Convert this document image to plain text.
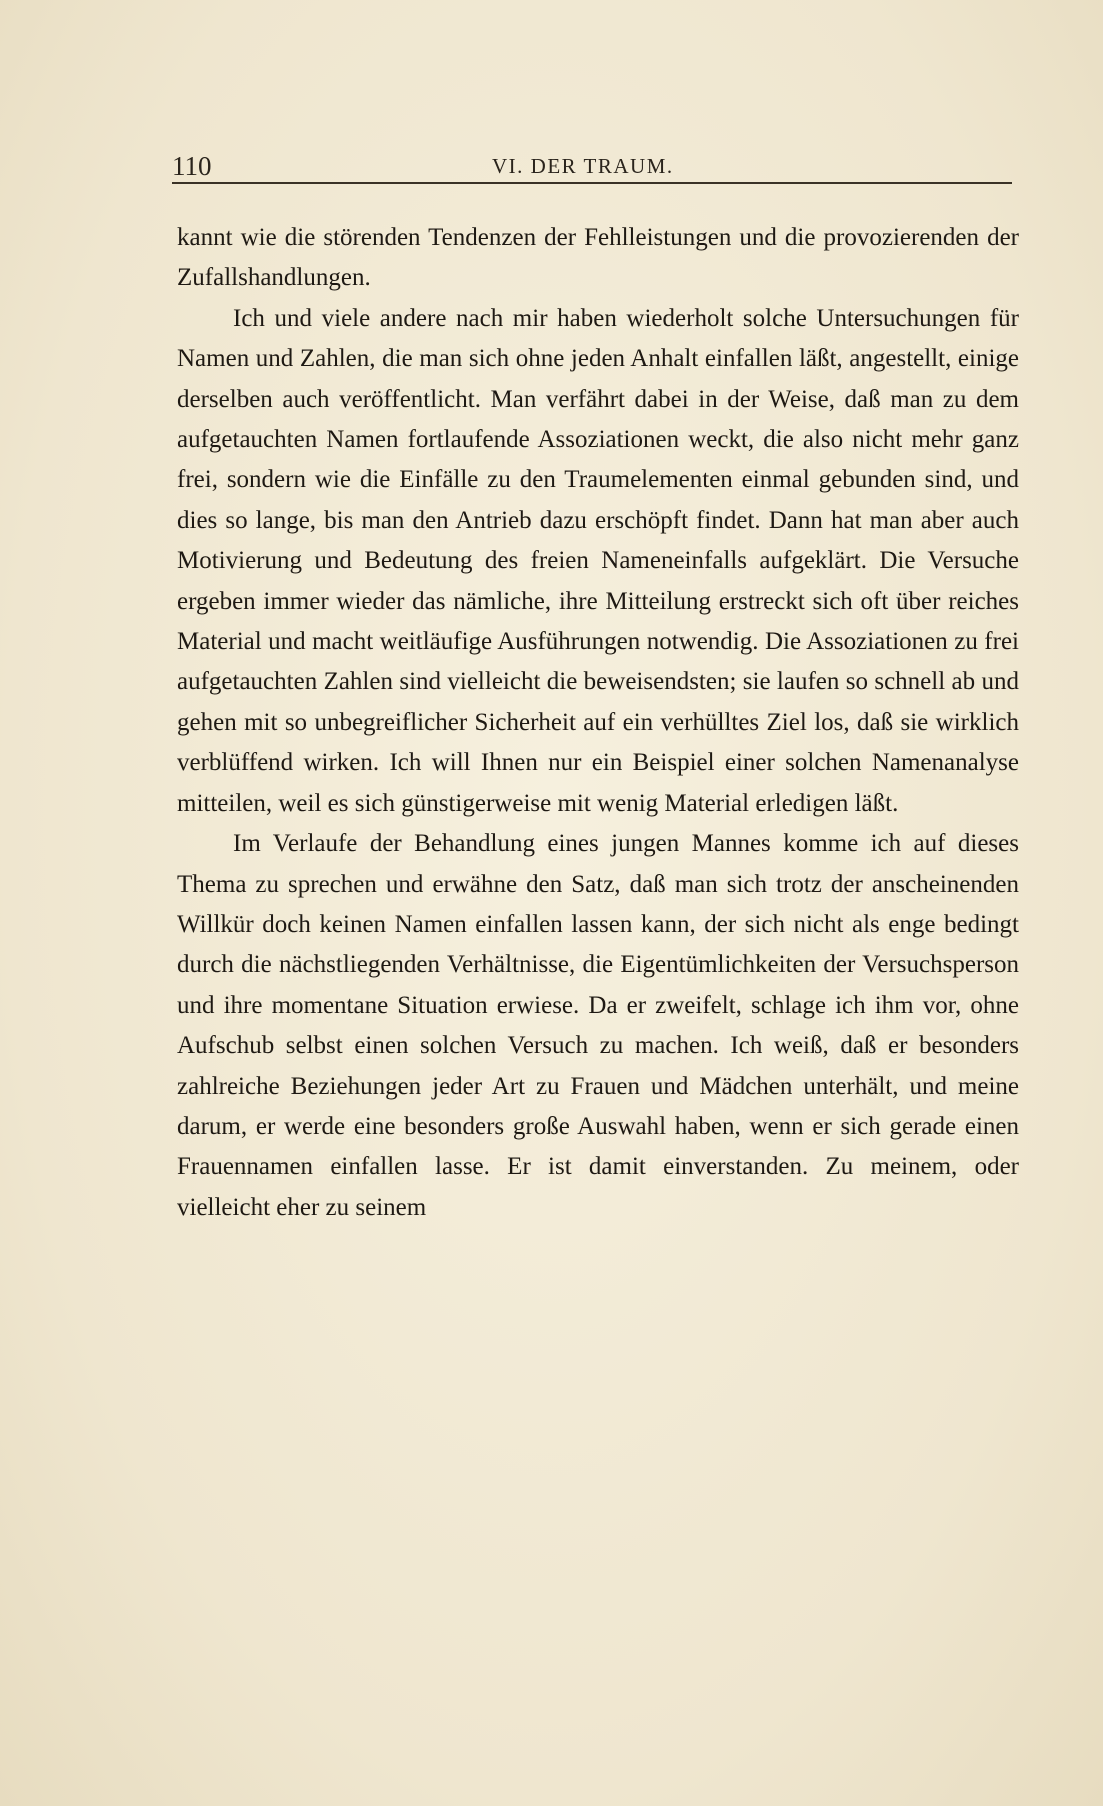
110	VI. DER TRAUM.

kannt wie die störenden Tendenzen der Fehlleistungen und die provozierenden der Zufallshandlungen.

Ich und viele andere nach mir haben wiederholt solche Untersuchungen für Namen und Zahlen, die man sich ohne jeden Anhalt einfallen läßt, angestellt, einige derselben auch veröffentlicht. Man verfährt dabei in der Weise, daß man zu dem aufgetauchten Namen fortlaufende Assoziationen weckt, die also nicht mehr ganz frei, sondern wie die Einfälle zu den Traumelementen einmal gebunden sind, und dies so lange, bis man den Antrieb dazu erschöpft findet. Dann hat man aber auch Motivierung und Bedeutung des freien Nameneinfalls aufgeklärt. Die Versuche ergeben immer wieder das nämliche, ihre Mitteilung erstreckt sich oft über reiches Material und macht weitläufige Ausführungen notwendig. Die Assoziationen zu frei aufgetauchten Zahlen sind vielleicht die beweisendsten; sie laufen so schnell ab und gehen mit so unbegreiflicher Sicherheit auf ein verhülltes Ziel los, daß sie wirklich verblüffend wirken. Ich will Ihnen nur ein Beispiel einer solchen Namenanalyse mitteilen, weil es sich günstigerweise mit wenig Material erledigen läßt.

Im Verlaufe der Behandlung eines jungen Mannes komme ich auf dieses Thema zu sprechen und erwähne den Satz, daß man sich trotz der anscheinenden Willkür doch keinen Namen einfallen lassen kann, der sich nicht als enge bedingt durch die nächstliegenden Verhältnisse, die Eigentümlichkeiten der Versuchsperson und ihre momentane Situation erwiese. Da er zweifelt, schlage ich ihm vor, ohne Aufschub selbst einen solchen Versuch zu machen. Ich weiß, daß er besonders zahlreiche Beziehungen jeder Art zu Frauen und Mädchen unterhält, und meine darum, er werde eine besonders große Auswahl haben, wenn er sich gerade einen Frauennamen einfallen lasse. Er ist damit einverstanden. Zu meinem, oder vielleicht eher zu seinem
